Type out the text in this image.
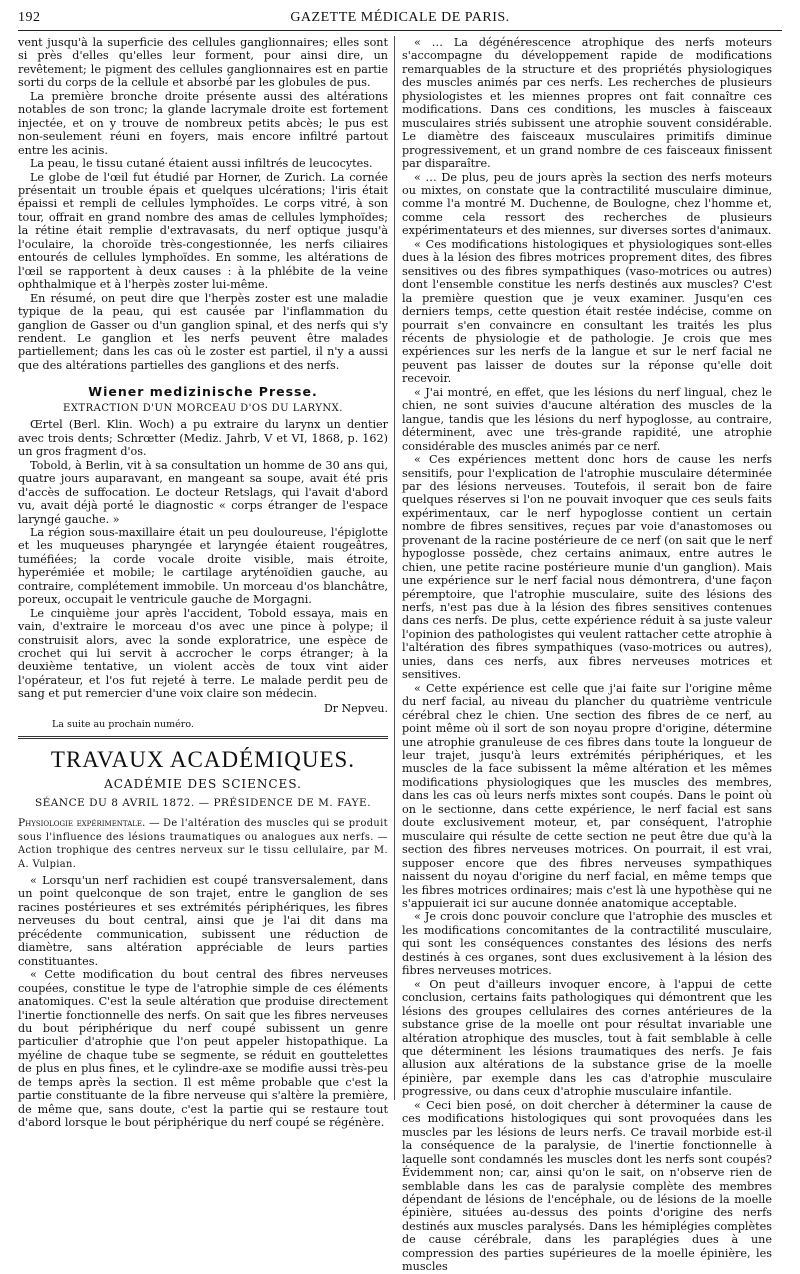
192	GAZETTE MÉDICALE DE PARIS.

vent jusqu'à la superficie des cellules ganglionnaires; elles sont si près d'elles qu'elles leur forment, pour ainsi dire, un revêtement; le pigment des cellules ganglionnaires est en partie sorti du corps de la cellule et absorbé par les globules de pus.

La première bronche droite présente aussi des altérations notables de son tronc; la glande lacrymale droite est fortement injectée, et on y trouve de nombreux petits abcès; le pus est non-seulement réuni en foyers, mais encore infiltré partout entre les acinis.

La peau, le tissu cutané étaient aussi infiltrés de leucocytes.

Le globe de l'œil fut étudié par Horner, de Zurich. La cornée présentait un trouble épais et quelques ulcérations; l'iris était épaissi et rempli de cellules lymphoïdes. Le corps vitré, à son tour, offrait en grand nombre des amas de cellules lymphoïdes; la rétine était remplie d'extravasats, du nerf optique jusqu'à l'oculaire, la choroïde très-congestionnée, les nerfs ciliaires entourés de cellules lymphoïdes. En somme, les altérations de l'œil se rapportent à deux causes : à la phlébite de la veine ophthalmique et à l'herpès zoster lui-même.

En résumé, on peut dire que l'herpès zoster est une maladie typique de la peau, qui est causée par l'inflammation du ganglion de Gasser ou d'un ganglion spinal, et des nerfs qui s'y rendent. Le ganglion et les nerfs peuvent être malades partiellement; dans les cas où le zoster est partiel, il n'y a aussi que des altérations partielles des ganglions et des nerfs.

Wiener medizinische Presse.
EXTRACTION D'UN MORCEAU D'OS DU LARYNX.

Œrtel (Berl. Klin. Woch) a pu extraire du larynx un dentier avec trois dents; Schrœtter (Mediz. Jahrb, V et VI, 1868, p. 162) un gros fragment d'os.

Tobold, à Berlin, vit à sa consultation un homme de 30 ans qui, quatre jours auparavant, en mangeant sa soupe, avait été pris d'accès de suffocation. Le docteur Retslags, qui l'avait d'abord vu, avait déjà porté le diagnostic « corps étranger de l'espace laryngé gauche. »

La région sous-maxillaire était un peu douloureuse, l'épiglotte et les muqueuses pharyngée et laryngée étaient rougeâtres, tuméfiées; la corde vocale droite visible, mais étroite, hyperémiée et mobile; le cartilage aryténoïdien gauche, au contraire, complétement immobile. Un morceau d'os blanchâtre, poreux, occupait le ventricule gauche de Morgagni.

Le cinquième jour après l'accident, Tobold essaya, mais en vain, d'extraire le morceau d'os avec une pince à polype; il construisit alors, avec la sonde exploratrice, une espèce de crochet qui lui servit à accrocher le corps étranger; à la deuxième tentative, un violent accès de toux vint aider l'opérateur, et l'os fut rejeté à terre. Le malade perdit peu de sang et put remercier d'une voix claire son médecin.

Dr Nepveu.
La suite au prochain numéro.
TRAVAUX ACADÉMIQUES.
ACADÉMIE DES SCIENCES.
SÉANCE DU 8 AVRIL 1872. — PRÉSIDENCE DE M. FAYE.

Physiologie expérimentale. — De l'altération des muscles qui se produit sous l'influence des lésions traumatiques ou analogues aux nerfs. — Action trophique des centres nerveux sur le tissu cellulaire, par M. A. Vulpian.

« Lorsqu'un nerf rachidien est coupé transversalement, dans un point quelconque de son trajet, entre le ganglion de ses racines postérieures et ses extrémités périphériques, les fibres nerveuses du bout central, ainsi que je l'ai dit dans ma précédente communication, subissent une réduction de diamètre, sans altération appréciable de leurs parties constituantes.

« Cette modification du bout central des fibres nerveuses coupées, constitue le type de l'atrophie simple de ces éléments anatomiques. C'est la seule altération que produise directement l'inertie fonctionnelle des nerfs. On sait que les fibres nerveuses du bout périphérique du nerf coupé subissent un genre particulier d'atrophie que l'on peut appeler histopathique. La myéline de chaque tube se segmente, se réduit en gouttelettes de plus en plus fines, et le cylindre-axe se modifie aussi très-peu de temps après la section. Il est même probable que c'est la partie constituante de la fibre nerveuse qui s'altère la première, de même que, sans doute, c'est la partie qui se restaure tout d'abord lorsque le bout périphérique du nerf coupé se régénère.

« … La dégénérescence atrophique des nerfs moteurs s'accompagne du développement rapide de modifications remarquables de la structure et des propriétés physiologiques des muscles animés par ces nerfs. Les recherches de plusieurs physiologistes et les miennes propres ont fait connaître ces modifications. Dans ces conditions, les muscles à faisceaux musculaires striés subissent une atrophie souvent considérable. Le diamètre des faisceaux musculaires primitifs diminue progressivement, et un grand nombre de ces faisceaux finissent par disparaître.

« … De plus, peu de jours après la section des nerfs moteurs ou mixtes, on constate que la contractilité musculaire diminue, comme l'a montré M. Duchenne, de Boulogne, chez l'homme et, comme cela ressort des recherches de plusieurs expérimentateurs et des miennes, sur diverses sortes d'animaux.

« Ces modifications histologiques et physiologiques sont-elles dues à la lésion des fibres motrices proprement dites, des fibres sensitives ou des fibres sympathiques (vaso-motrices ou autres) dont l'ensemble constitue les nerfs destinés aux muscles? C'est la première question que je veux examiner. Jusqu'en ces derniers temps, cette question était restée indécise, comme on pourrait s'en convaincre en consultant les traités les plus récents de physiologie et de pathologie. Je crois que mes expériences sur les nerfs de la langue et sur le nerf facial ne peuvent pas laisser de doutes sur la réponse qu'elle doit recevoir.

« J'ai montré, en effet, que les lésions du nerf lingual, chez le chien, ne sont suivies d'aucune altération des muscles de la langue, tandis que les lésions du nerf hypoglosse, au contraire, déterminent, avec une très-grande rapidité, une atrophie considérable des muscles animés par ce nerf.

« Ces expériences mettent donc hors de cause les nerfs sensitifs, pour l'explication de l'atrophie musculaire déterminée par des lésions nerveuses. Toutefois, il serait bon de faire quelques réserves si l'on ne pouvait invoquer que ces seuls faits expérimentaux, car le nerf hypoglosse contient un certain nombre de fibres sensitives, reçues par voie d'anastomoses ou provenant de la racine postérieure de ce nerf (on sait que le nerf hypoglosse possède, chez certains animaux, entre autres le chien, une petite racine postérieure munie d'un ganglion). Mais une expérience sur le nerf facial nous démontrera, d'une façon péremptoire, que l'atrophie musculaire, suite des lésions des nerfs, n'est pas due à la lésion des fibres sensitives contenues dans ces nerfs. De plus, cette expérience réduit à sa juste valeur l'opinion des pathologistes qui veulent rattacher cette atrophie à l'altération des fibres sympathiques (vaso-motrices ou autres), unies, dans ces nerfs, aux fibres nerveuses motrices et sensitives.

« Cette expérience est celle que j'ai faite sur l'origine même du nerf facial, au niveau du plancher du quatrième ventricule cérébral chez le chien. Une section des fibres de ce nerf, au point même où il sort de son noyau propre d'origine, détermine une atrophie granuleuse de ces fibres dans toute la longueur de leur trajet, jusqu'à leurs extrémités périphériques, et les muscles de la face subissent la même altération et les mêmes modifications physiologiques que les muscles des membres, dans les cas où leurs nerfs mixtes sont coupés. Dans le point où on le sectionne, dans cette expérience, le nerf facial est sans doute exclusivement moteur, et, par conséquent, l'atrophie musculaire qui résulte de cette section ne peut être due qu'à la section des fibres nerveuses motrices. On pourrait, il est vrai, supposer encore que des fibres nerveuses sympathiques naissent du noyau d'origine du nerf facial, en même temps que les fibres motrices ordinaires; mais c'est là une hypothèse qui ne s'appuierait ici sur aucune donnée anatomique acceptable.

« Je crois donc pouvoir conclure que l'atrophie des muscles et les modifications concomitantes de la contractilité musculaire, qui sont les conséquences constantes des lésions des nerfs destinés à ces organes, sont dues exclusivement à la lésion des fibres nerveuses motrices.

« On peut d'ailleurs invoquer encore, à l'appui de cette conclusion, certains faits pathologiques qui démontrent que les lésions des groupes cellulaires des cornes antérieures de la substance grise de la moelle ont pour résultat invariable une altération atrophique des muscles, tout à fait semblable à celle que déterminent les lésions traumatiques des nerfs. Je fais allusion aux altérations de la substance grise de la moelle épinière, par exemple dans les cas d'atrophie musculaire progressive, ou dans ceux d'atrophie musculaire infantile.

« Ceci bien posé, on doit chercher à déterminer la cause de ces modifications histologiques qui sont provoquées dans les muscles par les lésions de leurs nerfs. Ce travail morbide est-il la conséquence de la paralysie, de l'inertie fonctionnelle à laquelle sont condamnés les muscles dont les nerfs sont coupés? Évidemment non; car, ainsi qu'on le sait, on n'observe rien de semblable dans les cas de paralysie complète des membres dépendant de lésions de l'encéphale, ou de lésions de la moelle épinière, situées au-dessus des points d'origine des nerfs destinés aux muscles paralysés. Dans les hémiplégies complètes de cause cérébrale, dans les paraplégies dues à une compression des parties supérieures de la moelle épinière, les muscles
